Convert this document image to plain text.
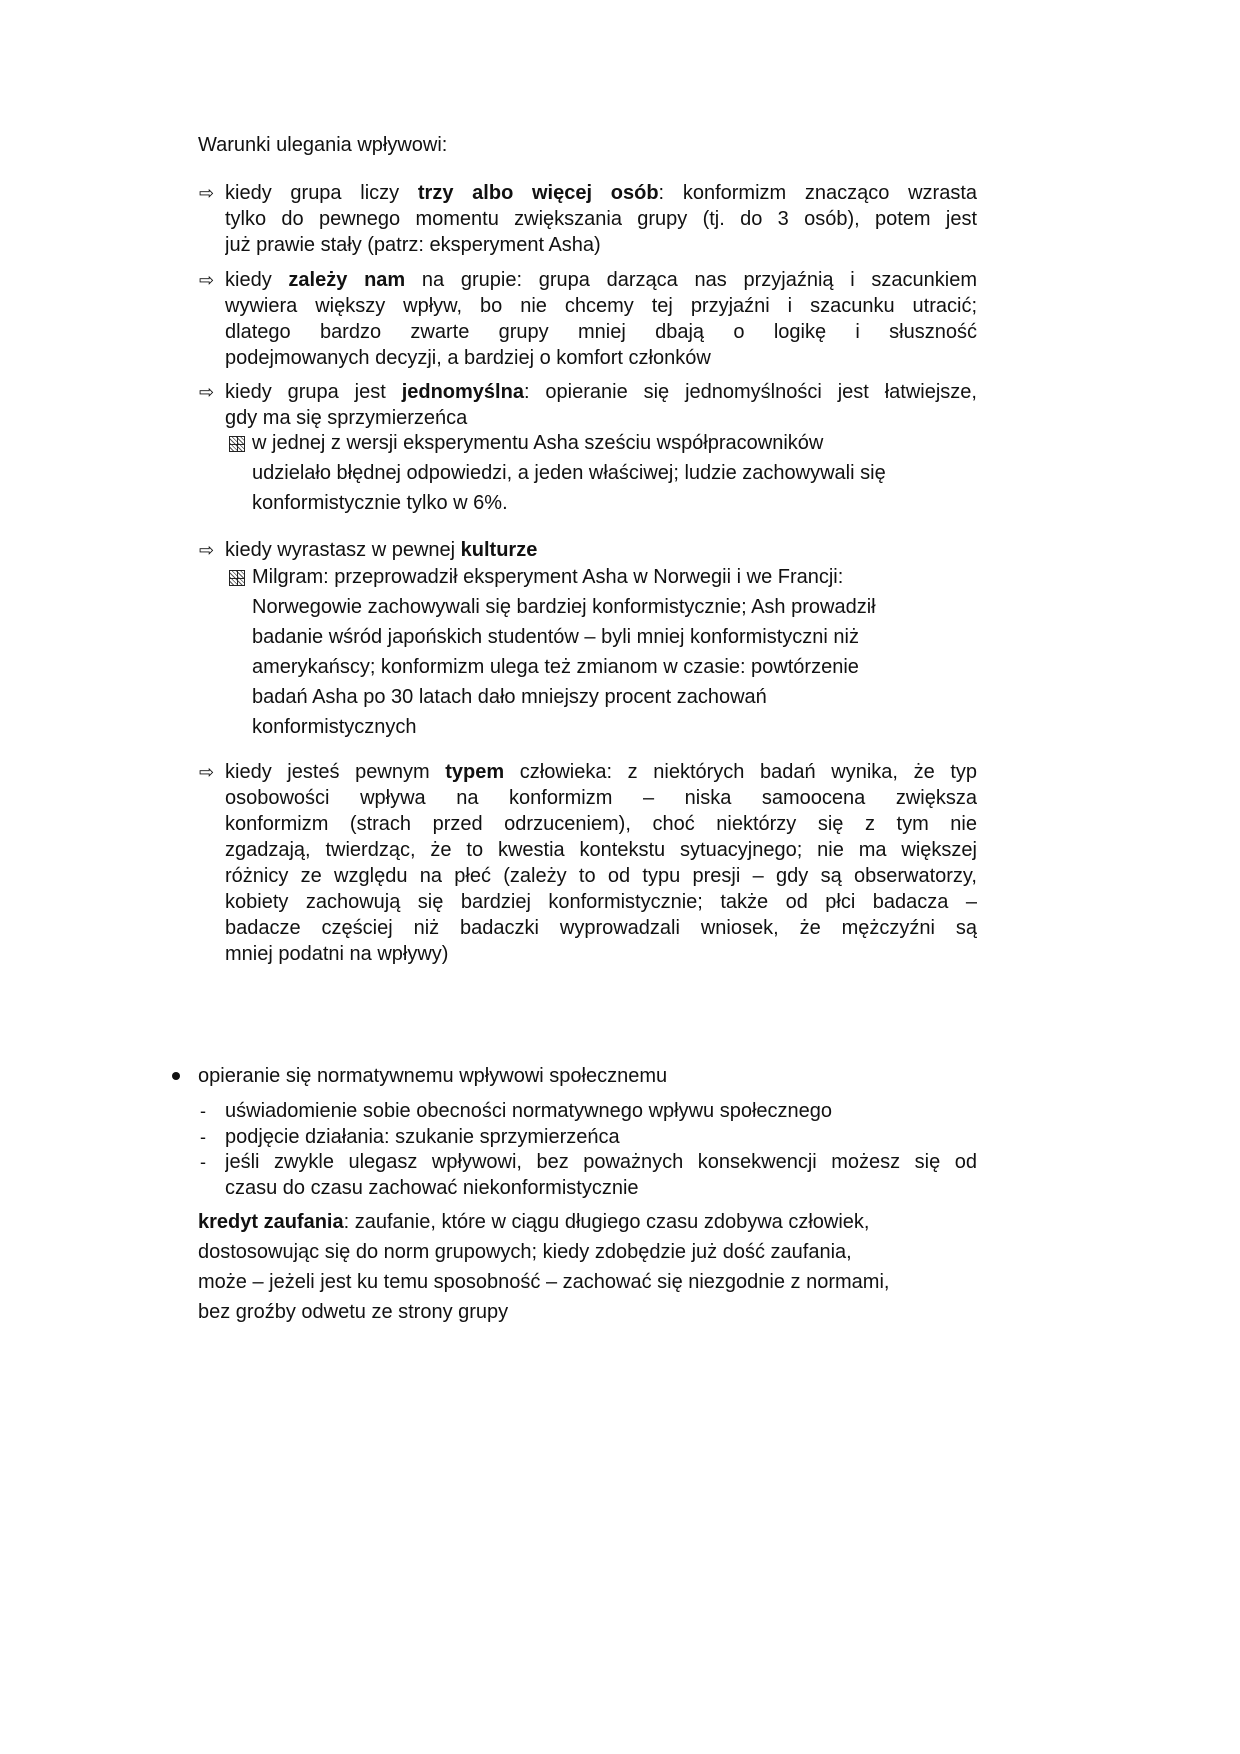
Warunki ulegania wpływowi:
⇨ kiedy grupa liczy trzy albo więcej osób: konformizm znacząco wzrasta
tylko do pewnego momentu zwiększania grupy (tj. do 3 osób), potem jest
już prawie stały (patrz: eksperyment Asha)
⇨ kiedy zależy nam na grupie: grupa darząca nas przyjaźnią i szacunkiem
wywiera większy wpływ, bo nie chcemy tej przyjaźni i szacunku utracić;
dlatego bardzo zwarte grupy mniej dbają o logikę i słuszność
podejmowanych decyzji, a bardziej o komfort członków
⇨ kiedy grupa jest jednomyślna: opieranie się jednomyślności jest łatwiejsze,
gdy ma się sprzymierzeńca
w jednej z wersji eksperymentu Asha sześciu współpracowników
udzielało błędnej odpowiedzi, a jeden właściwej; ludzie zachowywali się
konformistycznie tylko w 6%.
⇨ kiedy wyrastasz w pewnej kulturze
Milgram: przeprowadził eksperyment Asha w Norwegii i we Francji:
Norwegowie zachowywali się bardziej konformistycznie; Ash prowadził
badanie wśród japońskich studentów – byli mniej konformistyczni niż
amerykańscy; konformizm ulega też zmianom w czasie: powtórzenie
badań Asha po 30 latach dało mniejszy procent zachowań
konformistycznych
⇨ kiedy jesteś pewnym typem człowieka: z niektórych badań wynika, że typ
osobowości wpływa na konformizm – niska samoocena zwiększa
konformizm (strach przed odrzuceniem), choć niektórzy się z tym nie
zgadzają, twierdząc, że to kwestia kontekstu sytuacyjnego; nie ma większej
różnicy ze względu na płeć (zależy to od typu presji – gdy są obserwatorzy,
kobiety zachowują się bardziej konformistycznie; także od płci badacza –
badacze częściej niż badaczki wyprowadzali wniosek, że mężczyźni są
mniej podatni na wpływy)
opieranie się normatywnemu wpływowi społecznemu
- uświadomienie sobie obecności normatywnego wpływu społecznego
- podjęcie działania: szukanie sprzymierzeńca
- jeśli zwykle ulegasz wpływowi, bez poważnych konsekwencji możesz się od
czasu do czasu zachować niekonformistycznie
kredyt zaufania: zaufanie, które w ciągu długiego czasu zdobywa człowiek,
dostosowując się do norm grupowych; kiedy zdobędzie już dość zaufania,
może – jeżeli jest ku temu sposobność – zachować się niezgodnie z normami,
bez groźby odwetu ze strony grupy
